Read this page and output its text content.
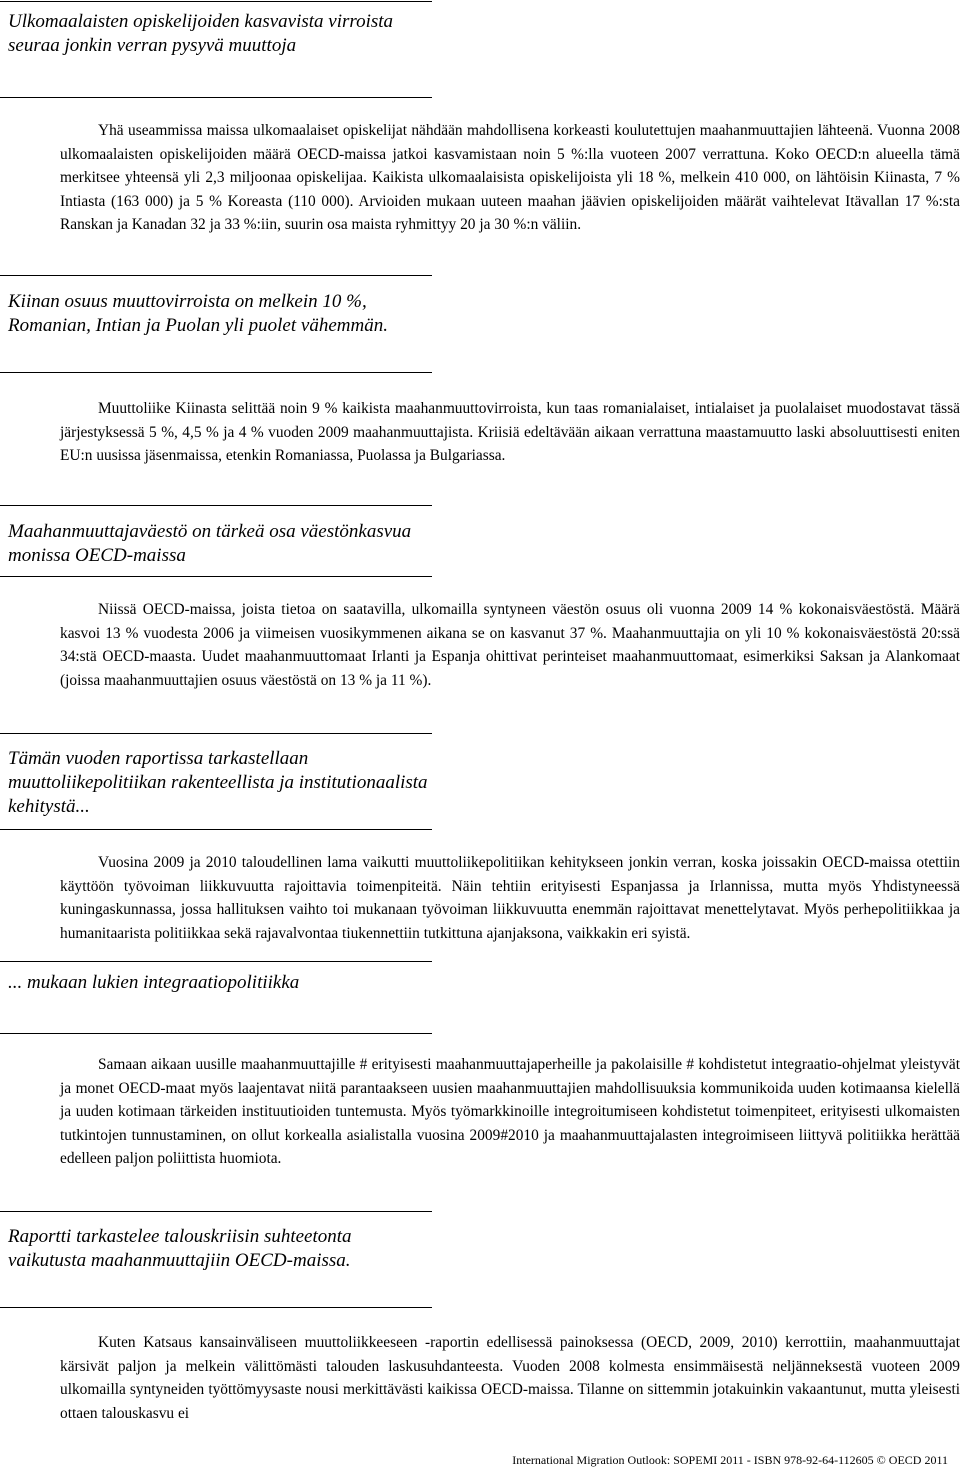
Ulkomaalaisten opiskelijoiden kasvavista virroista seuraa jonkin verran pysyvä muuttoja

Yhä useammissa maissa ulkomaalaiset opiskelijat nähdään mahdollisena korkeasti koulutettujen maahanmuuttajien lähteenä. Vuonna 2008 ulkomaalaisten opiskelijoiden määrä OECD-maissa jatkoi kasvamistaan noin 5 %:lla vuoteen 2007 verrattuna. Koko OECD:n alueella tämä merkitsee yhteensä yli 2,3 miljoonaa opiskelijaa. Kaikista ulkomaalaisista opiskelijoista yli 18 %, melkein 410 000, on lähtöisin Kiinasta, 7 % Intiasta (163 000) ja 5 % Koreasta (110 000). Arvioiden mukaan uuteen maahan jäävien opiskelijoiden määrät vaihtelevat Itävallan 17 %:sta Ranskan ja Kanadan 32 ja 33 %:iin, suurin osa maista ryhmittyy 20 ja 30 %:n väliin.

Kiinan osuus muuttovirroista on melkein 10 %, Romanian, Intian ja Puolan yli puolet vähemmän.

Muuttoliike Kiinasta selittää noin 9 % kaikista maahanmuuttovirroista, kun taas romanialaiset, intialaiset ja puolalaiset muodostavat tässä järjestyksessä 5 %, 4,5 % ja 4 % vuoden 2009 maahanmuuttajista. Kriisiä edeltävään aikaan verrattuna maastamuutto laski absoluuttisesti eniten EU:n uusissa jäsenmaissa, etenkin Romaniassa, Puolassa ja Bulgariassa.

Maahanmuuttajaväestö on tärkeä osa väestönkasvua monissa OECD-maissa

Niissä OECD-maissa, joista tietoa on saatavilla, ulkomailla syntyneen väestön osuus oli vuonna 2009 14 % kokonaisväestöstä. Määrä kasvoi 13 % vuodesta 2006 ja viimeisen vuosikymmenen aikana se on kasvanut 37 %. Maahanmuuttajia on yli 10 % kokonaisväestöstä 20:ssä 34:stä OECD-maasta. Uudet maahanmuuttomaat Irlanti ja Espanja ohittivat perinteiset maahanmuuttomaat, esimerkiksi Saksan ja Alankomaat (joissa maahanmuuttajien osuus väestöstä on 13 % ja 11 %).

Tämän vuoden raportissa tarkastellaan muuttoliikepolitiikan rakenteellista ja institutionaalista kehitystä...

Vuosina 2009 ja 2010 taloudellinen lama vaikutti muuttoliikepolitiikan kehitykseen jonkin verran, koska joissakin OECD-maissa otettiin käyttöön työvoiman liikkuvuutta rajoittavia toimenpiteitä. Näin tehtiin erityisesti Espanjassa ja Irlannissa, mutta myös Yhdistyneessä kuningaskunnassa, jossa hallituksen vaihto toi mukanaan työvoiman liikkuvuutta enemmän rajoittavat menettelytavat. Myös perhepolitiikkaa ja humanitaarista politiikkaa sekä rajavalvontaa tiukennettiin tutkittuna ajanjaksona, vaikkakin eri syistä.

... mukaan lukien integraatiopolitiikka

Samaan aikaan uusille maahanmuuttajille # erityisesti maahanmuuttajaperheille ja pakolaisille # kohdistetut integraatio-ohjelmat yleistyvät ja monet OECD-maat myös laajentavat niitä parantaakseen uusien maahanmuuttajien mahdollisuuksia kommunikoida uuden kotimaansa kielellä ja uuden kotimaan tärkeiden instituutioiden tuntemusta. Myös työmarkkinoille integroitumiseen kohdistetut toimenpiteet, erityisesti ulkomaisten tutkintojen tunnustaminen, on ollut korkealla asialistalla vuosina 2009#2010 ja maahanmuuttajalasten integroimiseen liittyvä politiikka herättää edelleen paljon poliittista huomiota.

Raportti tarkastelee talouskriisin suhteetonta vaikutusta maahanmuuttajiin OECD-maissa.

Kuten Katsaus kansainväliseen muuttoliikkeeseen -raportin edellisessä painoksessa (OECD, 2009, 2010) kerrottiin, maahanmuuttajat kärsivät paljon ja melkein välittömästi talouden laskusuhdanteesta. Vuoden 2008 kolmesta ensimmäisestä neljänneksestä vuoteen 2009 ulkomailla syntyneiden työttömyysaste nousi merkittävästi kaikissa OECD-maissa. Tilanne on sittemmin jotakuinkin vakaantunut, mutta yleisesti ottaen talouskasvu ei

International Migration Outlook: SOPEMI 2011 - ISBN 978-92-64-112605 © OECD 2011
